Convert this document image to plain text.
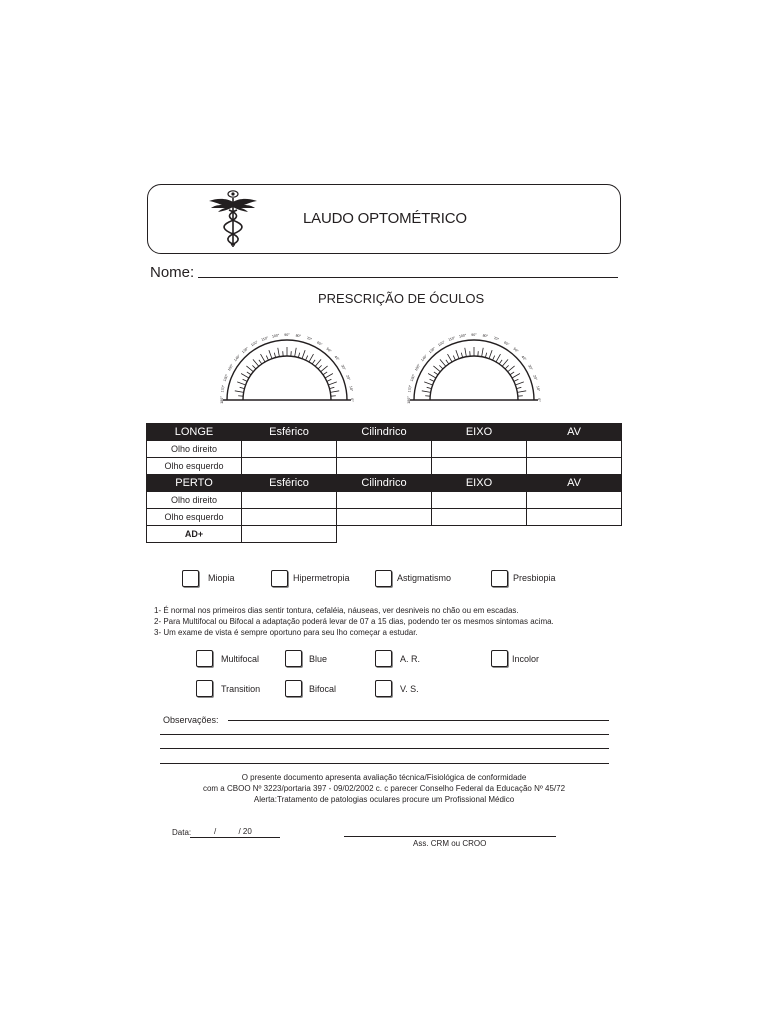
LAUDO OPTOMÉTRICO
Nome:
PRESCRIÇÃO DE ÓCULOS
180°
170°
160°
150°
140°
130°
120°
110° 100° 90° 80°
70°
60°
50°
40°
30°
20°
10°
0°	180°
170°
160°
150°
140°
130°
120°
110° 100° 90° 80°
70°
60°
50°
40°
30°
20°
10°
0°
LONGE	Esférico	Cilindrico	EIXO	AV
Olho direito				
Olho esquerdo				
PERTO	Esférico	Cilindrico	EIXO	AV
Olho direito				
Olho esquerdo				
AD+				
Miopia	Hipermetropia	Astigmatismo	Presbiopia
1- É normal nos primeiros dias sentir tontura, cefaléia, náuseas, ver desniveis no chão ou em escadas.
2- Para Multifocal ou Bifocal a adaptação poderá levar de 07 a 15 dias, podendo ter os mesmos sintomas acima.
3- Um exame de vista é sempre oportuno para seu lho começar a estudar.
Multifocal	Blue	A. R.	Incolor
Transition	Bifocal	V. S.
Observações:
O presente documento apresenta avaliação técnica/Fisiológica de conformidade
com a CBOO Nº 3223/portaria 397 - 09/02/2002 c. c parecer Conselho Federal da Educação Nº 45/72
Alerta:Tratamento de patologias oculares procure um Profissional Médico
Data:	/          / 20
Ass. CRM ou CROO
